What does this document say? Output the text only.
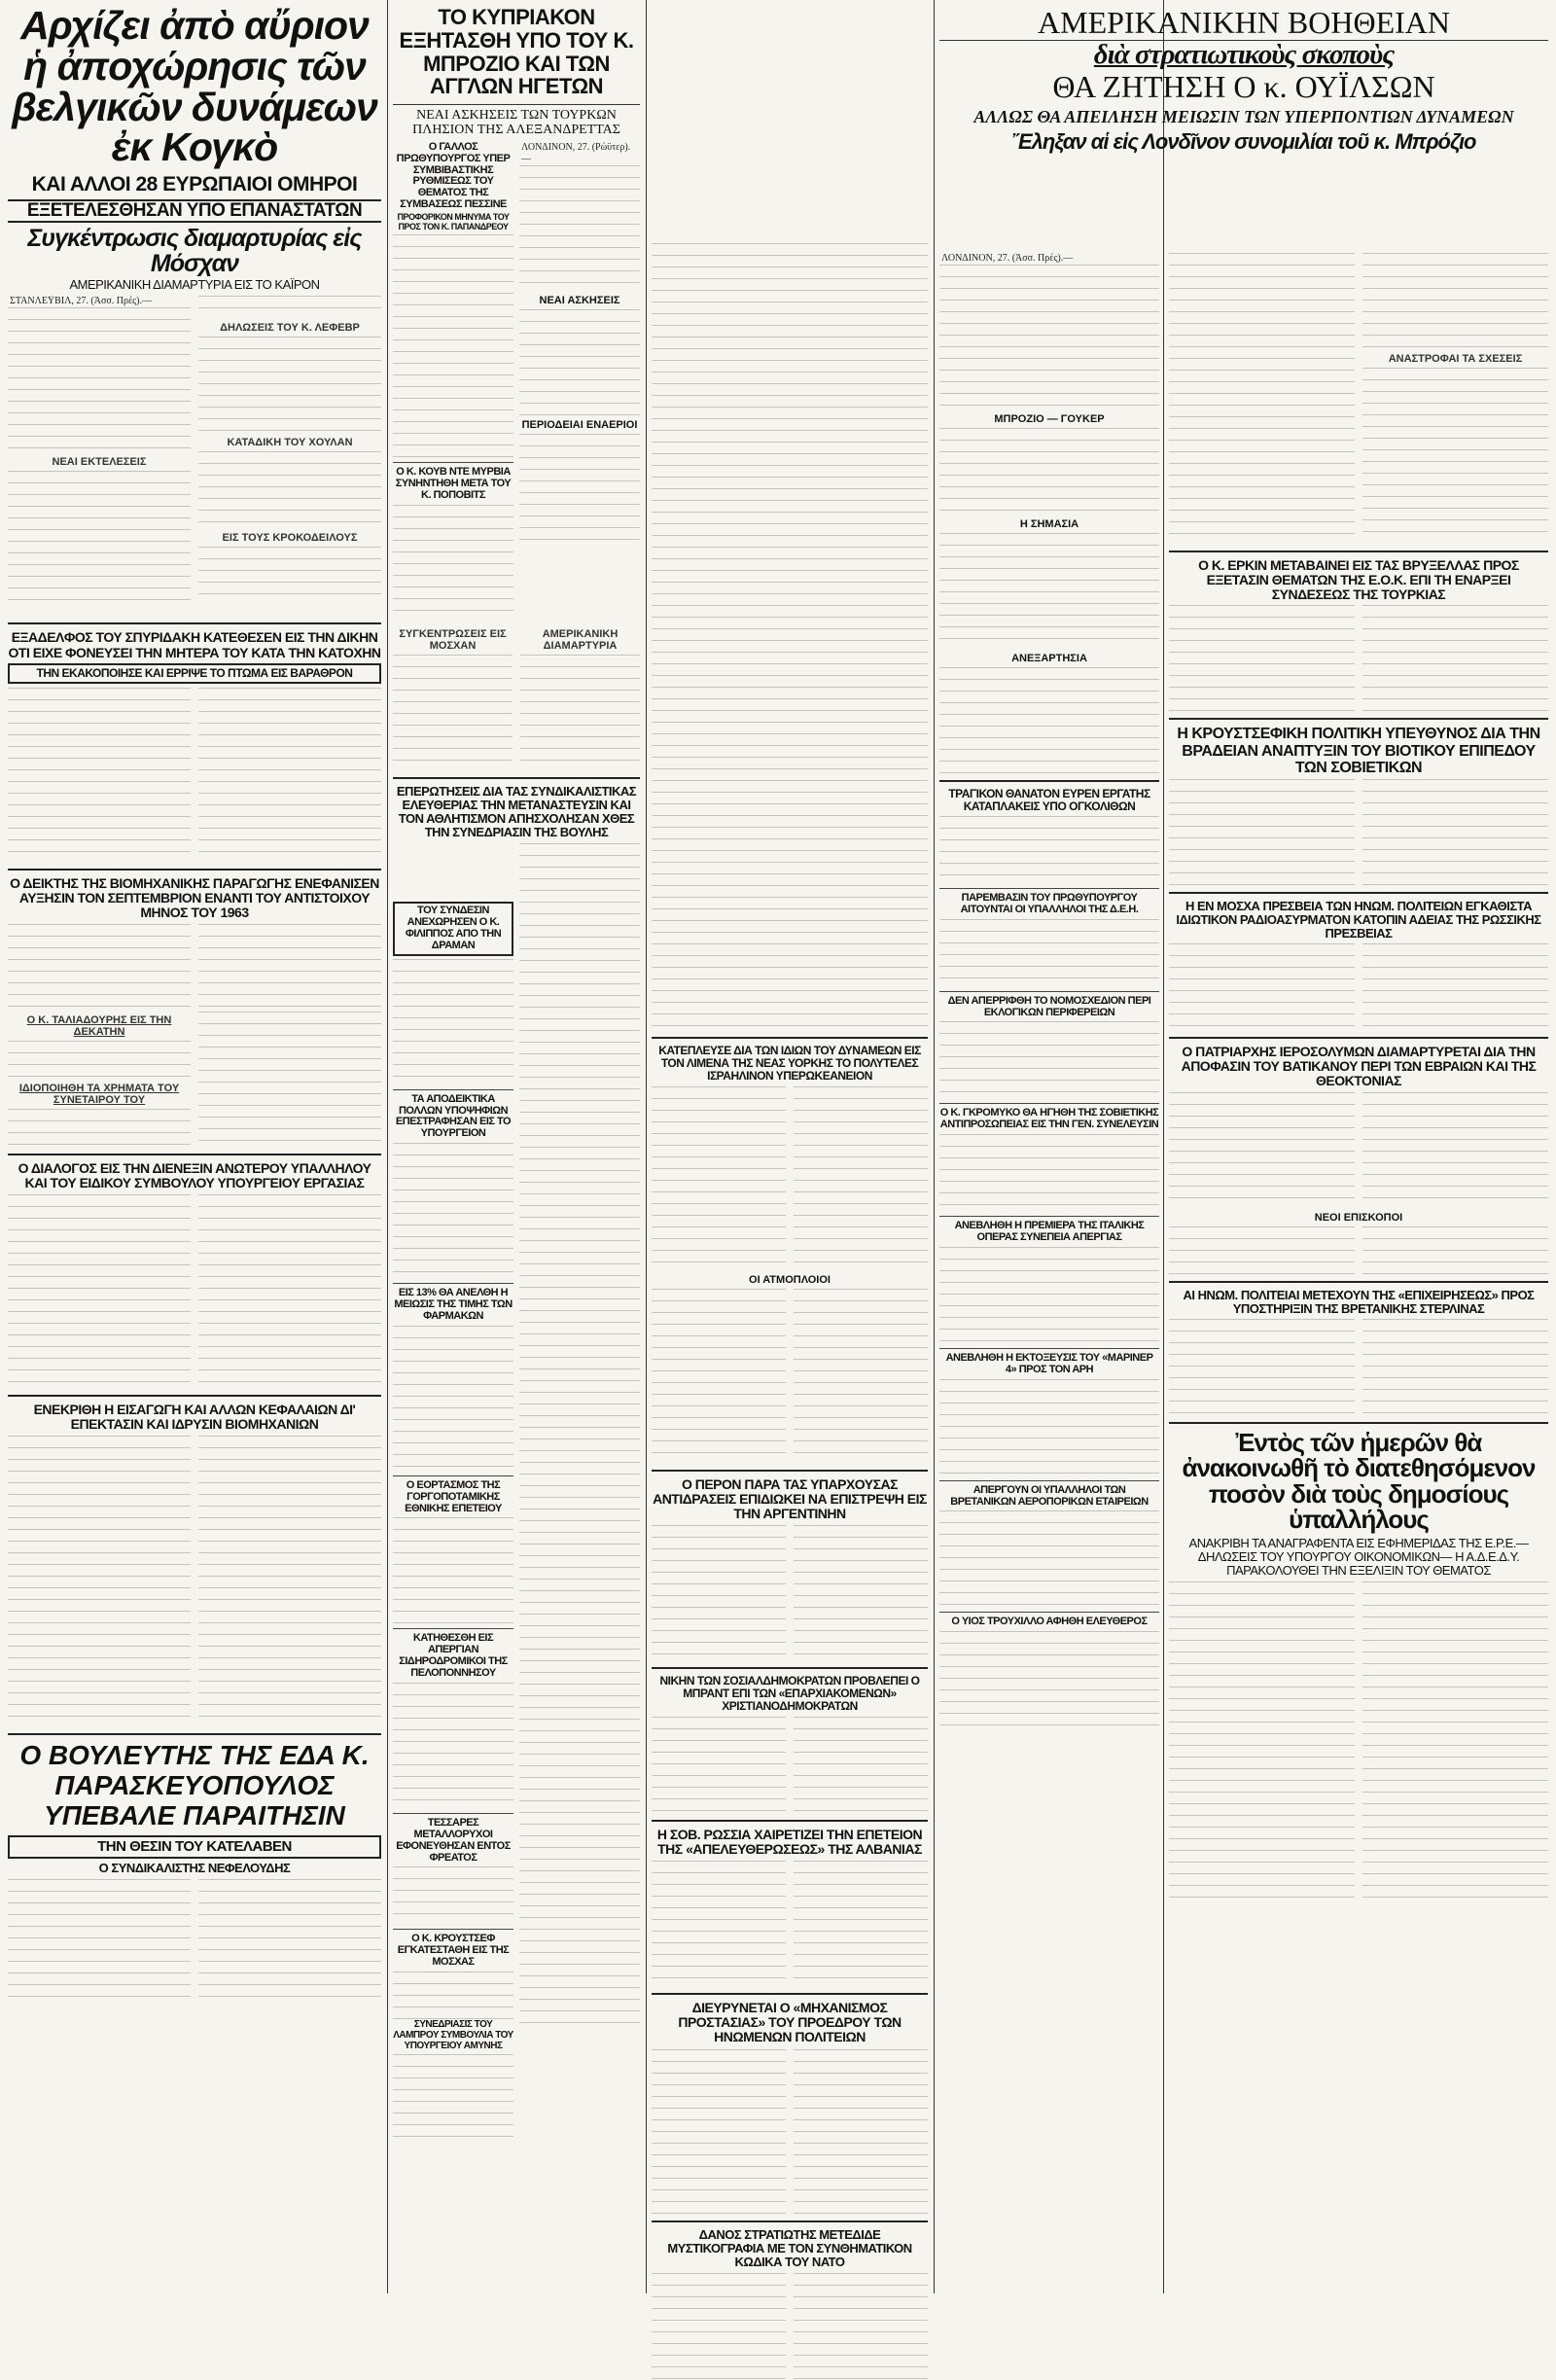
Αρχίζει ἀπὸ αὔριον ἡ ἀποχώρησις τῶν βελγικῶν δυνάμεων ἐκ Κογκὸ
ΚΑΙ ΑΛΛΟΙ 28 ΕΥΡΩΠΑΙΟΙ ΟΜΗΡΟΙ
ΕΞΕΤΕΛΕΣΘΗΣΑΝ ΥΠΟ ΕΠΑΝΑΣΤΑΤΩΝ
Συγκέντρωσις διαμαρτυρίας εἰς Μόσχαν
ΑΜΕΡΙΚΑΝΙΚΗ ΔΙΑΜΑΡΤΥΡΙΑ ΕΙΣ ΤΟ ΚΑΪΡΟΝ
ΣΤΑΝΛΕΫΒΙΛ, 27. (Ἀσσ. Πρές).—
ΝΕΑΙ ΕΚΤΕΛΕΣΕΙΣ
ΔΗΛΩΣΕΙΣ ΤΟΥ Κ. ΛΕΦΕΒΡ
ΚΑΤΑΔΙΚΗ ΤΟΥ ΧΟΥΛΑΝ
ΕΙΣ ΤΟΥΣ ΚΡΟΚΟΔΕΙΛΟΥΣ
ΕΞΑΔΕΛΦΟΣ ΤΟΥ ΣΠΥΡΙΔΑΚΗ ΚΑΤΕΘΕΣΕΝ ΕΙΣ ΤΗΝ ΔΙΚΗΝ ΟΤΙ ΕΙΧΕ ΦΟΝΕΥΣΕΙ ΤΗΝ ΜΗΤΕΡΑ ΤΟΥ ΚΑΤΑ ΤΗΝ ΚΑΤΟΧΗΝ
ΤΗΝ ΕΚΑΚΟΠΟΙΗΣΕ ΚΑΙ ΕΡΡΙΨΕ ΤΟ ΠΤΩΜΑ ΕΙΣ ΒΑΡΑΘΡΟΝ
Ο ΔΕΙΚΤΗΣ ΤΗΣ ΒΙΟΜΗΧΑΝΙΚΗΣ ΠΑΡΑΓΩΓΗΣ ΕΝΕΦΑΝΙΣΕΝ ΑΥΞΗΣΙΝ ΤΟΝ ΣΕΠΤΕΜΒΡΙΟΝ ΕΝΑΝΤΙ ΤΟΥ ΑΝΤΙΣΤΟΙΧΟΥ ΜΗΝΟΣ ΤΟΥ 1963
Ο Κ. ΤΑΛΙΑΔΟΥΡΗΣ ΕΙΣ ΤΗΝ ΔΕΚΑΤΗΝ
ΙΔΙΟΠΟΙΗΘΗ ΤΑ ΧΡΗΜΑΤΑ ΤΟΥ ΣΥΝΕΤΑΙΡΟΥ ΤΟΥ
Ο ΔΙΑΛΟΓΟΣ ΕΙΣ ΤΗΝ ΔΙΕΝΕΞΙΝ ΑΝΩΤΕΡΟΥ ΥΠΑΛΛΗΛΟΥ ΚΑΙ ΤΟΥ ΕΙΔΙΚΟΥ ΣΥΜΒΟΥΛΟΥ ΥΠΟΥΡΓΕΙΟΥ ΕΡΓΑΣΙΑΣ
ΕΝΕΚΡΙΘΗ Η ΕΙΣΑΓΩΓΗ ΚΑΙ ΑΛΛΩΝ ΚΕΦΑΛΑΙΩΝ ΔΙ' ΕΠΕΚΤΑΣΙΝ ΚΑΙ ΙΔΡΥΣΙΝ ΒΙΟΜΗΧΑΝΙΩΝ
Ο ΒΟΥΛΕΥΤΗΣ ΤΗΣ ΕΔΑ Κ. ΠΑΡΑΣΚΕΥΟΠΟΥΛΟΣ ΥΠΕΒΑΛΕ ΠΑΡΑΙΤΗΣΙΝ
ΤΗΝ ΘΕΣΙΝ ΤΟΥ ΚΑΤΕΛΑΒΕΝ
Ο ΣΥΝΔΙΚΑΛΙΣΤΗΣ ΝΕΦΕΛΟΥΔΗΣ
ΤΟ ΚΥΠΡΙΑΚΟΝ ΕΞΗΤΑΣΘΗ ΥΠΟ ΤΟΥ Κ. ΜΠΡΟΖΙΟ ΚΑΙ ΤΩΝ ΑΓΓΛΩΝ ΗΓΕΤΩΝ
ΝΕΑΙ ΑΣΚΗΣΕΙΣ ΤΩΝ ΤΟΥΡΚΩΝ ΠΛΗΣΙΟΝ ΤΗΣ ΑΛΕΞΑΝΔΡΕΤΤΑΣ
Ο ΓΑΛΛΟΣ ΠΡΩΘΥΠΟΥΡΓΟΣ ΥΠΕΡ ΣΥΜΒΙΒΑΣΤΙΚΗΣ ΡΥΘΜΙΣΕΩΣ ΤΟΥ ΘΕΜΑΤΟΣ ΤΗΣ ΣΥΜΒΑΣΕΩΣ ΠΕΣΣΙΝΕ
ΠΡΟΦΟΡΙΚΟΝ ΜΗΝΥΜΑ ΤΟΥ ΠΡΟΣ ΤΟΝ Κ. ΠΑΠΑΝΔΡΕΟΥ
Ο Κ. ΚΟΥΒ ΝΤΕ ΜΥΡΒΙΑ ΣΥΝΗΝΤΗΘΗ ΜΕΤΑ ΤΟΥ Κ. ΠΟΠΟΒΙΤΣ
ΛΟΝΔΙΝΟΝ, 27. (Ρώϋτερ).—
ΝΕΑΙ ΑΣΚΗΣΕΙΣ
ΠΕΡΙΟΔΕΙΑΙ ΕΝΑΕΡΙΟΙ
ΣΥΓΚΕΝΤΡΩΣΕΙΣ ΕΙΣ ΜΟΣΧΑΝ
ΑΜΕΡΙΚΑΝΙΚΗ ΔΙΑΜΑΡΤΥΡΙΑ
ΕΠΕΡΩΤΗΣΕΙΣ ΔΙΑ ΤΑΣ ΣΥΝΔΙΚΑΛΙΣΤΙΚΑΣ ΕΛΕΥΘΕΡΙΑΣ ΤΗΝ ΜΕΤΑΝΑΣΤΕΥΣΙΝ ΚΑΙ ΤΟΝ ΑΘΛΗΤΙΣΜΟΝ ΑΠΗΣΧΟΛΗΣΑΝ ΧΘΕΣ ΤΗΝ ΣΥΝΕΔΡΙΑΣΙΝ ΤΗΣ ΒΟΥΛΗΣ
ΤΟΥ ΣΥΝΔΕΣΙΝ ΑΝΕΧΩΡΗΣΕΝ Ο Κ. ΦΙΛΙΠΠΟΣ ΑΠΟ ΤΗΝ ΔΡΑΜΑΝ
ΤΑ ΑΠΟΔΕΙΚΤΙΚΑ ΠΟΛΛΩΝ ΥΠΟΨΗΦΙΩΝ ΕΠΕΣΤΡΑΦΗΣΑΝ ΕΙΣ ΤΟ ΥΠΟΥΡΓΕΙΟΝ
ΕΙΣ 13% ΘΑ ΑΝΕΛΘΗ Η ΜΕΙΩΣΙΣ ΤΗΣ ΤΙΜΗΣ ΤΩΝ ΦΑΡΜΑΚΩΝ
Ο ΕΟΡΤΑΣΜΟΣ ΤΗΣ ΓΟΡΓΟΠΟΤΑΜΙΚΗΣ ΕΘΝΙΚΗΣ ΕΠΕΤΕΙΟΥ
ΚΑΤΗΘΕΣΘΗ ΕΙΣ ΑΠΕΡΓΙΑΝ ΣΙΔΗΡΟΔΡΟΜΙΚΟΙ ΤΗΣ ΠΕΛΟΠΟΝΝΗΣΟΥ
ΤΕΣΣΑΡΕΣ ΜΕΤΑΛΛΟΡΥΧΟΙ ΕΦΟΝΕΥΘΗΣΑΝ ΕΝΤΟΣ ΦΡΕΑΤΟΣ
Ο Κ. ΚΡΟΥΣΤΣΕΦ ΕΓΚΑΤΕΣΤΑΘΗ ΕΙΣ ΤΗΣ ΜΟΣΧΑΣ
ΣΥΝΕΔΡΙΑΣΙΣ ΤΟΥ ΛΑΜΠΡΟΥ ΣΥΜΒΟΥΛΙΑ ΤΟΥ ΥΠΟΥΡΓΕΙΟΥ ΑΜΥΝΗΣ
ΚΑΤΕΠΛΕΥΣΕ ΔΙΑ ΤΩΝ ΙΔΙΩΝ ΤΟΥ ΔΥΝΑΜΕΩΝ ΕΙΣ ΤΟΝ ΛΙΜΕΝΑ ΤΗΣ ΝΕΑΣ ΥΟΡΚΗΣ ΤΟ ΠΟΛΥΤΕΛΕΣ ΙΣΡΑΗΛΙΝΟΝ ΥΠΕΡΩΚΕΑΝΕΙΟΝ
ΟΙ ΑΤΜΟΠΛΟΙΟΙ
Ο ΠΕΡΟΝ ΠΑΡΑ ΤΑΣ ΥΠΑΡΧΟΥΣΑΣ ΑΝΤΙΔΡΑΣΕΙΣ ΕΠΙΔΙΩΚΕΙ ΝΑ ΕΠΙΣΤΡΕΨΗ ΕΙΣ ΤΗΝ ΑΡΓΕΝΤΙΝΗΝ
ΝΙΚΗΝ ΤΩΝ ΣΟΣΙΑΛΔΗΜΟΚΡΑΤΩΝ ΠΡΟΒΛΕΠΕΙ Ο ΜΠΡΑΝΤ ΕΠΙ ΤΩΝ «ΕΠΑΡΧΙΑΚΟΜΕΝΩΝ» ΧΡΙΣΤΙΑΝΟΔΗΜΟΚΡΑΤΩΝ
Η ΣΟΒ. ΡΩΣΣΙΑ ΧΑΙΡΕΤΙΖΕΙ ΤΗΝ ΕΠΕΤΕΙΟΝ ΤΗΣ «ΑΠΕΛΕΥΘΕΡΩΣΕΩΣ» ΤΗΣ ΑΛΒΑΝΙΑΣ
ΔΙΕΥΡΥΝΕΤΑΙ Ο «ΜΗΧΑΝΙΣΜΟΣ ΠΡΟΣΤΑΣΙΑΣ» ΤΟΥ ΠΡΟΕΔΡΟΥ ΤΩΝ ΗΝΩΜΕΝΩΝ ΠΟΛΙΤΕΙΩΝ
ΔΑΝΟΣ ΣΤΡΑΤΙΩΤΗΣ ΜΕΤΕΔΙΔΕ ΜΥΣΤΙΚΟΓΡΑΦΙΑ ΜΕ ΤΟΝ ΣΥΝΘΗΜΑΤΙΚΟΝ ΚΩΔΙΚΑ ΤΟΥ ΝΑΤΟ
ΑΜΕΡΙΚΑΝΙΚΗΝ ΒΟΗΘΕΙΑΝ
διὰ στρατιωτικοὺς σκοποὺς
ΘΑ ΖΗΤΗΣΗ Ο κ. ΟΥΪΛΣΩΝ
ΑΛΛΩΣ ΘΑ ΑΠΕΙΛΗΣΗ ΜΕΙΩΣΙΝ ΤΩΝ ΥΠΕΡΠΟΝΤΙΩΝ ΔΥΝΑΜΕΩΝ
Ἔληξαν αἱ εἰς Λονδῖνον συνομιλίαι τοῦ κ. Μπρόζιο
ΛΟΝΔΙΝΟΝ, 27. (Ἀσσ. Πρές).—
ΜΠΡΟΖΙΟ — ΓΟΥΚΕΡ
Η ΣΗΜΑΣΙΑ
ΑΝΕΞΑΡΤΗΣΙΑ
ΤΡΑΓΙΚΟΝ ΘΑΝΑΤΟΝ ΕΥΡΕΝ ΕΡΓΑΤΗΣ ΚΑΤΑΠΛΑΚΕΙΣ ΥΠΟ ΟΓΚΟΛΙΘΩΝ
ΠΑΡΕΜΒΑΣΙΝ ΤΟΥ ΠΡΩΘΥΠΟΥΡΓΟΥ ΑΙΤΟΥΝΤΑΙ ΟΙ ΥΠΑΛΛΗΛΟΙ ΤΗΣ Δ.Ε.Η.
ΔΕΝ ΑΠΕΡΡΙΦΘΗ ΤΟ ΝΟΜΟΣΧΕΔΙΟΝ ΠΕΡΙ ΕΚΛΟΓΙΚΩΝ ΠΕΡΙΦΕΡΕΙΩΝ
Ο Κ. ΓΚΡΟΜΥΚΟ ΘΑ ΗΓΗΘΗ ΤΗΣ ΣΟΒΙΕΤΙΚΗΣ ΑΝΤΙΠΡΟΣΩΠΕΙΑΣ ΕΙΣ ΤΗΝ ΓΕΝ. ΣΥΝΕΛΕΥΣΙΝ
ΑΝΕΒΛΗΘΗ Η ΠΡΕΜΙΕΡΑ ΤΗΣ ΙΤΑΛΙΚΗΣ ΟΠΕΡΑΣ ΣΥΝΕΠΕΙΑ ΑΠΕΡΓΙΑΣ
ΑΝΕΒΛΗΘΗ Η ΕΚΤΟΞΕΥΣΙΣ ΤΟΥ «ΜΑΡΙΝΕΡ 4» ΠΡΟΣ ΤΟΝ ΑΡΗ
ΑΠΕΡΓΟΥΝ ΟΙ ΥΠΑΛΛΗΛΟΙ ΤΩΝ ΒΡΕΤΑΝΙΚΩΝ ΑΕΡΟΠΟΡΙΚΩΝ ΕΤΑΙΡΕΙΩΝ
Ο ΥΙΟΣ ΤΡΟΥΧΙΛΛΟ ΑΦΗΘΗ ΕΛΕΥΘΕΡΟΣ
ΑΝΑΣΤΡΟΦΑΙ ΤΑ ΣΧΕΣΕΙΣ
Ο Κ. ΕΡΚΙΝ ΜΕΤΑΒΑΙΝΕΙ ΕΙΣ ΤΑΣ ΒΡΥΞΕΛΛΑΣ ΠΡΟΣ ΕΞΕΤΑΣΙΝ ΘΕΜΑΤΩΝ ΤΗΣ Ε.Ο.Κ. ΕΠΙ ΤΗ ΕΝΑΡΞΕΙ ΣΥΝΔΕΣΕΩΣ ΤΗΣ ΤΟΥΡΚΙΑΣ
Η ΚΡΟΥΣΤΣΕΦΙΚΗ ΠΟΛΙΤΙΚΗ ΥΠΕΥΘΥΝΟΣ ΔΙΑ ΤΗΝ ΒΡΑΔΕΙΑΝ ΑΝΑΠΤΥΞΙΝ ΤΟΥ ΒΙΟΤΙΚΟΥ ΕΠΙΠΕΔΟΥ ΤΩΝ ΣΟΒΙΕΤΙΚΩΝ
Η ΕΝ ΜΟΣΧΑ ΠΡΕΣΒΕΙΑ ΤΩΝ ΗΝΩΜ. ΠΟΛΙΤΕΙΩΝ ΕΓΚΑΘΙΣΤΑ ΙΔΙΩΤΙΚΟΝ ΡΑΔΙΟΑΣΥΡΜΑΤΟΝ ΚΑΤΟΠΙΝ ΑΔΕΙΑΣ ΤΗΣ ΡΩΣΣΙΚΗΣ ΠΡΕΣΒΕΙΑΣ
Ο ΠΑΤΡΙΑΡΧΗΣ ΙΕΡΟΣΟΛΥΜΩΝ ΔΙΑΜΑΡΤΥΡΕΤΑΙ ΔΙΑ ΤΗΝ ΑΠΟΦΑΣΙΝ ΤΟΥ ΒΑΤΙΚΑΝΟΥ ΠΕΡΙ ΤΩΝ ΕΒΡΑΙΩΝ ΚΑΙ ΤΗΣ ΘΕΟΚΤΟΝΙΑΣ
ΝΕΟΙ ΕΠΙΣΚΟΠΟΙ
ΑΙ ΗΝΩΜ. ΠΟΛΙΤΕΙΑΙ ΜΕΤΕΧΟΥΝ ΤΗΣ «ΕΠΙΧΕΙΡΗΣΕΩΣ» ΠΡΟΣ ΥΠΟΣΤΗΡΙΞΙΝ ΤΗΣ ΒΡΕΤΑΝΙΚΗΣ ΣΤΕΡΛΙΝΑΣ
Ἐντὸς τῶν ἡμερῶν θὰ ἀνακοινωθῆ τὸ διατεθησόμενον ποσὸν διὰ τοὺς δημοσίους ὑπαλλήλους
ΑΝΑΚΡΙΒΗ ΤΑ ΑΝΑΓΡΑΦΕΝΤΑ ΕΙΣ ΕΦΗΜΕΡΙΔΑΣ ΤΗΣ Ε.Ρ.Ε.— ΔΗΛΩΣΕΙΣ ΤΟΥ ΥΠΟΥΡΓΟΥ ΟΙΚΟΝΟΜΙΚΩΝ— Η Α.Δ.Ε.Δ.Υ. ΠΑΡΑΚΟΛΟΥΘΕΙ ΤΗΝ ΕΞΕΛΙΞΙΝ ΤΟΥ ΘΕΜΑΤΟΣ
